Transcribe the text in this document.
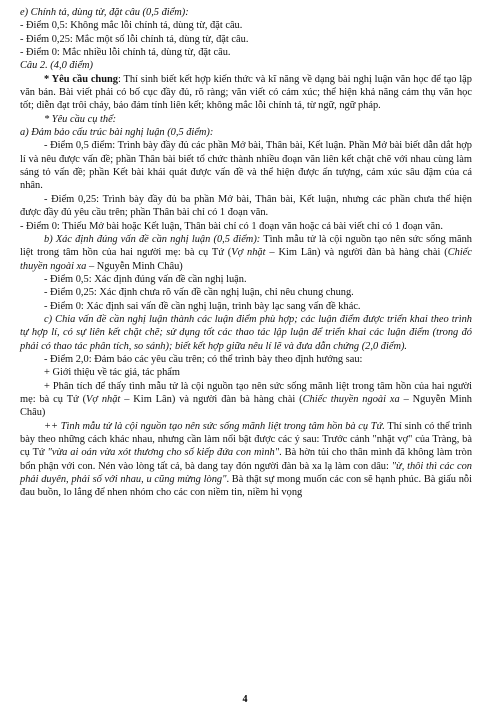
e) Chính tả, dùng từ, đặt câu (0,5 điểm):

- Điểm 0,5: Không mắc lỗi chính tả, dùng từ, đặt câu.

- Điểm 0,25: Mắc một số lỗi chính tả, dùng từ, đặt câu.

- Điểm 0: Mắc nhiều lỗi chính tả, dùng từ, đặt câu.

Câu 2. (4,0 điểm)

* Yêu cầu chung: Thí sinh biết kết hợp kiến thức và kĩ năng về dạng bài nghị luận văn học để tạo lập văn bản. Bài viết phải có bố cục đầy đủ, rõ ràng; văn viết có cảm xúc; thể hiện khả năng cảm thụ văn học tốt; diễn đạt trôi chảy, bảo đảm tính liên kết; không mắc lỗi chính tả, từ ngữ, ngữ pháp.

* Yêu cầu cụ thể:

a) Đảm bảo cấu trúc bài nghị luận (0,5 điểm):

- Điểm 0,5 điểm: Trình bày đầy đủ các phần Mở bài, Thân bài, Kết luận. Phần Mở bài biết dẫn dắt hợp lí và nêu được vấn đề; phần Thân bài biết tổ chức thành nhiều đoạn văn liên kết chặt chẽ với nhau cùng làm sáng tỏ vấn đề; phần Kết bài khái quát được vấn đề và thể hiện được ấn tượng, cảm xúc sâu đậm của cá nhân.

- Điểm 0,25: Trình bày đầy đủ ba phần Mở bài, Thân bài, Kết luận, nhưng các phần chưa thể hiện được đầy đủ yêu cầu trên; phần Thân bài chỉ có 1 đoạn văn.

- Điểm 0: Thiếu Mở bài hoặc Kết luận, Thân bài chỉ có 1 đoạn văn hoặc cả bài viết chỉ có 1 đoạn văn.

b) Xác định đúng vấn đề cần nghị luận (0,5 điểm): Tình mẫu tử là cội nguồn tạo nên sức sống mãnh liệt trong tâm hồn của hai người mẹ: bà cụ Tứ (Vợ nhặt – Kim Lân) và người đàn bà hàng chài (Chiếc thuyền ngoài xa – Nguyễn Minh Châu)

- Điểm 0,5: Xác định đúng vấn đề cần nghị luận.

- Điểm 0,25: Xác định chưa rõ vấn đề cần nghị luận, chỉ nêu chung chung.

- Điểm 0: Xác định sai vấn đề cần nghị luận, trình bày lạc sang vấn đề khác.

c) Chia vấn đề cần nghị luận thành các luận điểm phù hợp; các luận điểm được triển khai theo trình tự hợp lí, có sự liên kết chặt chẽ; sử dụng tốt các thao tác lập luận để triển khai các luận điểm (trong đó phải có thao tác phân tích, so sánh); biết kết hợp giữa nêu lí lẽ và đưa dẫn chứng (2,0 điểm).

- Điểm 2,0: Đảm bảo các yêu cầu trên; có thể trình bày theo định hướng sau:

+ Giới thiệu về tác giả, tác phẩm

+ Phân tích để thấy tình mẫu tử là cội nguồn tạo nên sức sống mãnh liệt trong tâm hồn của hai người mẹ: bà cụ Tứ (Vợ nhặt – Kim Lân) và người đàn bà hàng chài (Chiếc thuyền ngoài xa – Nguyễn Minh Châu)

++ Tình mẫu tử là cội nguồn tạo nên sức sống mãnh liệt trong tâm hồn bà cụ Tứ. Thí sinh có thể trình bày theo những cách khác nhau, nhưng cần làm nổi bật được các ý sau: Trước cảnh "nhặt vợ" của Tràng, bà cụ Tứ "vừa ai oán vừa xót thương cho số kiếp đứa con mình". Bà hờn tủi cho thân mình đã không làm tròn bổn phận với con. Nén vào lòng tất cả, bà dang tay đón người đàn bà xa lạ làm con dâu: "ừ, thôi thì các con phải duyên, phải số với nhau, u cũng mừng lòng". Bà thật sự mong muốn các con sẽ hạnh phúc. Bà giấu nỗi đau buồn, lo lắng để nhen nhóm cho các con niềm tin, niềm hi vọng

4
